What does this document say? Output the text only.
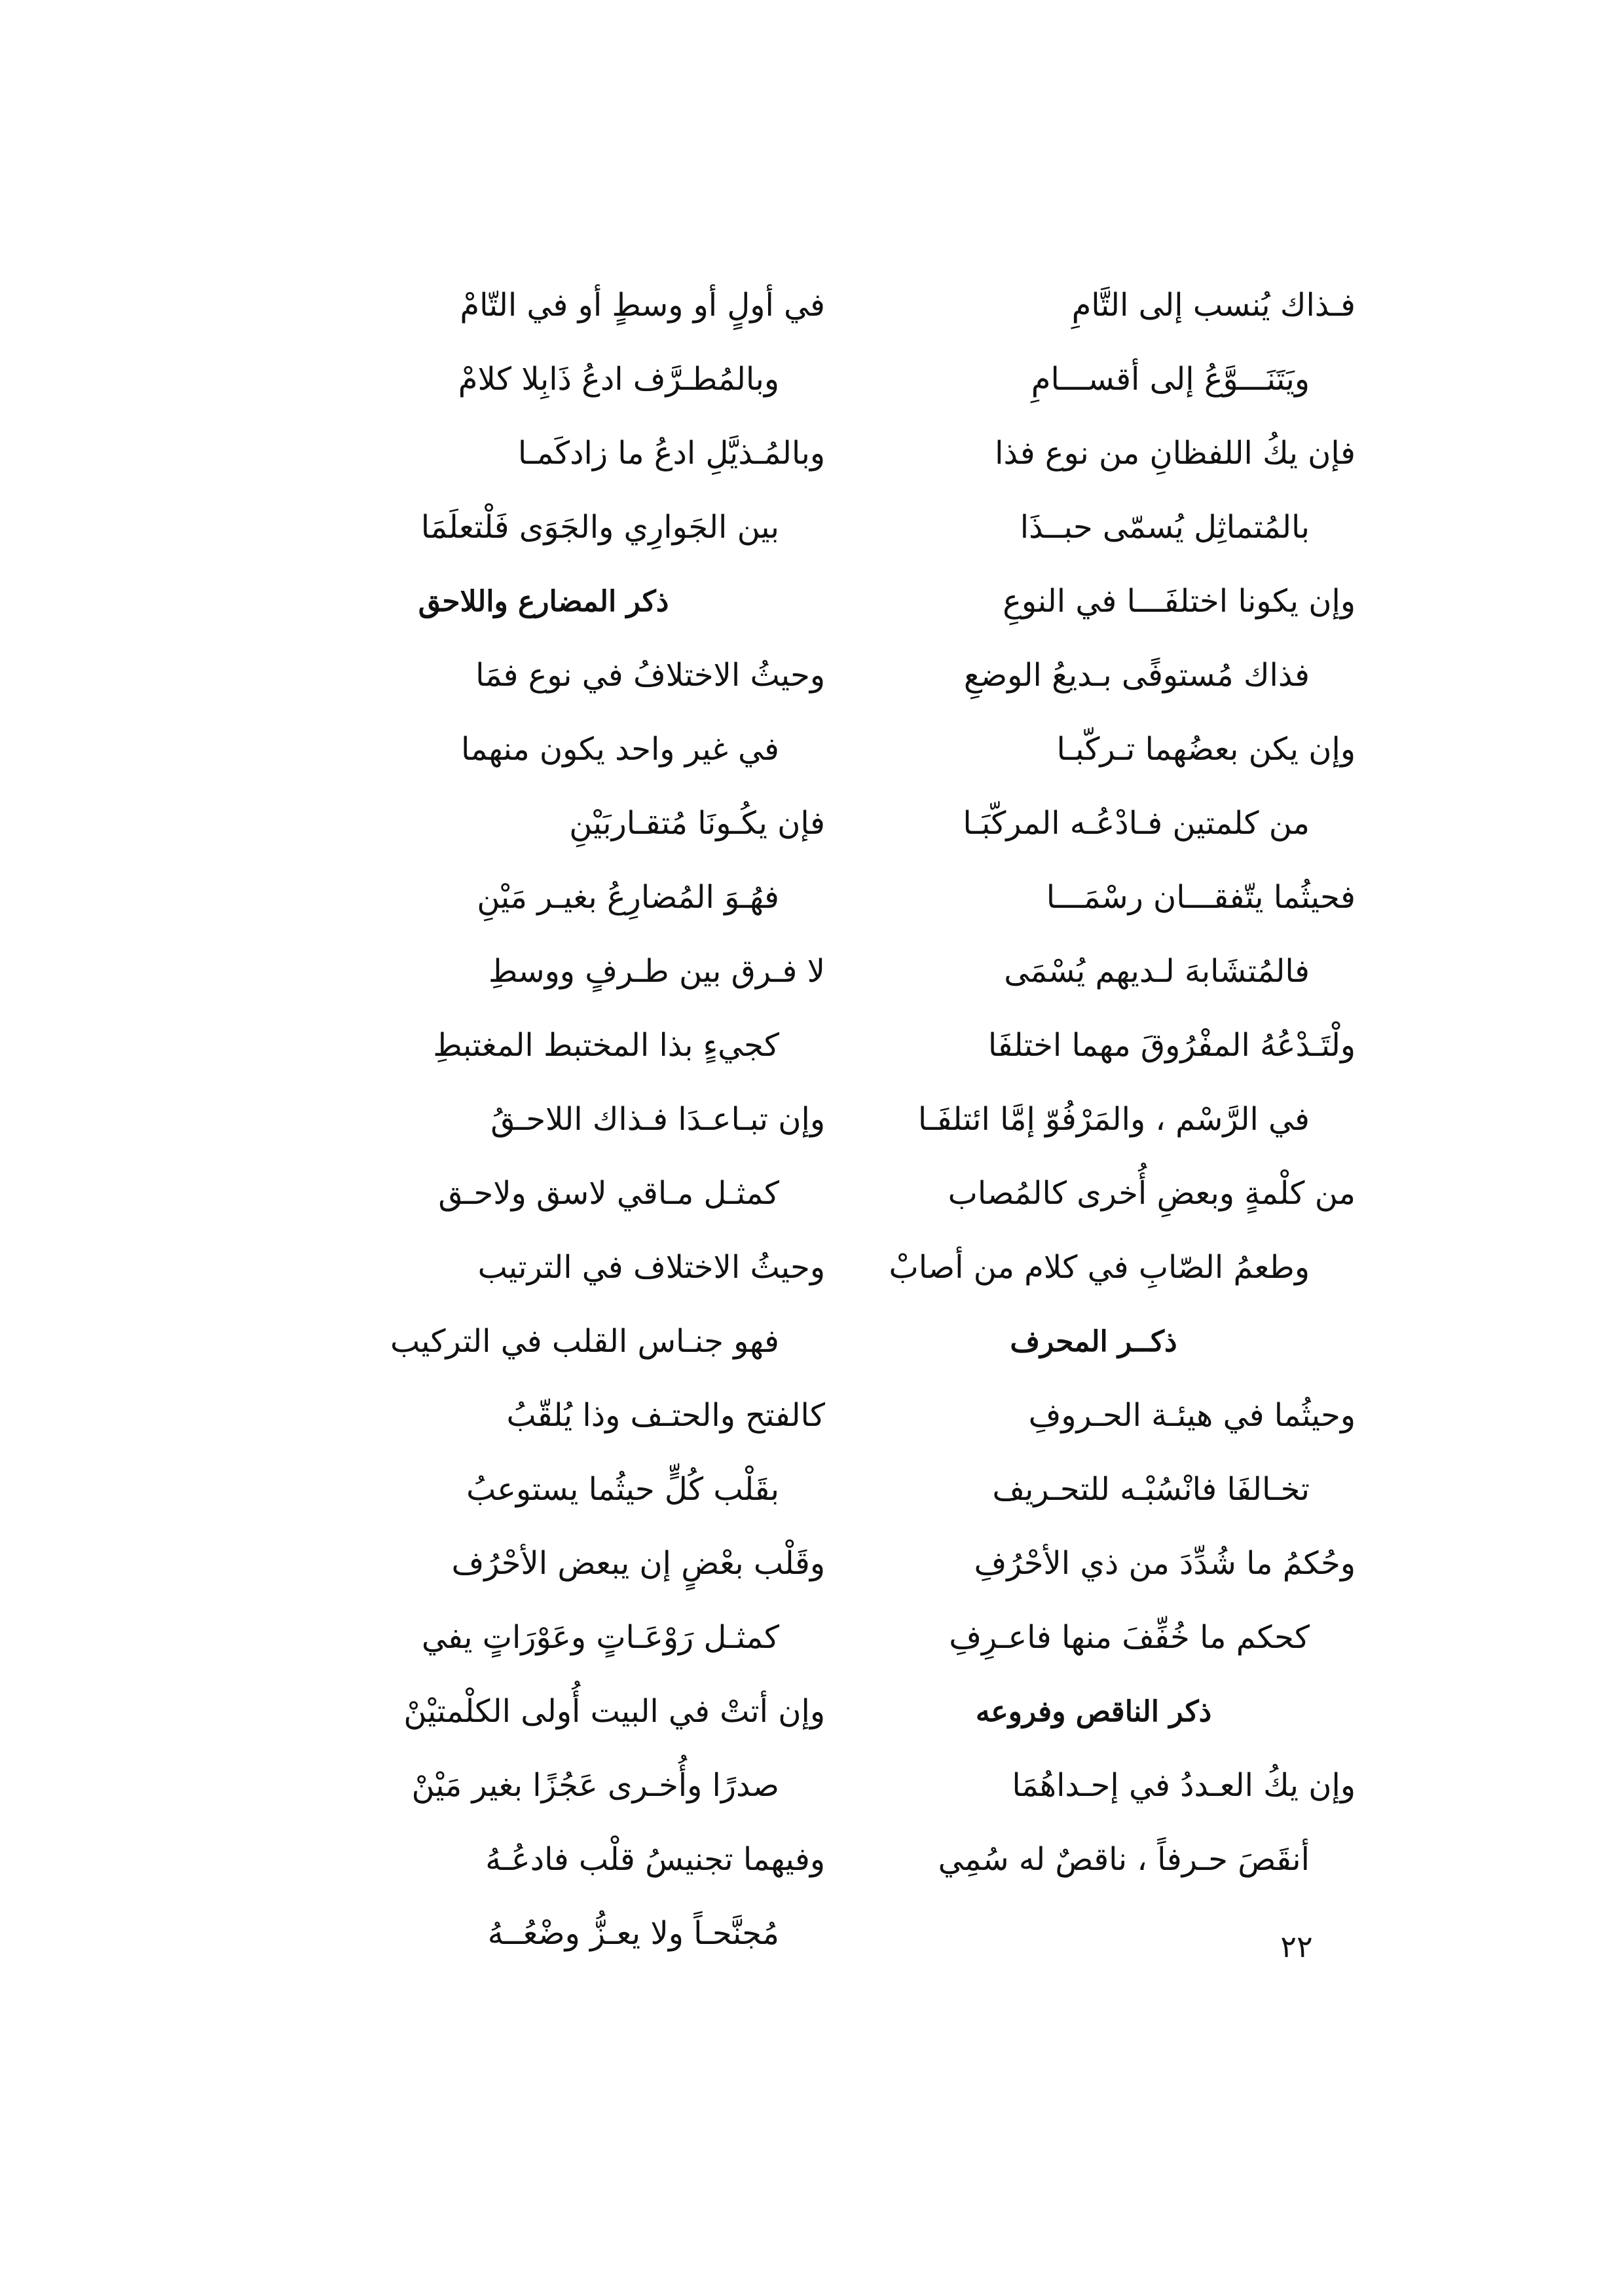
فـذاك يُنسب إلى التَّامِ
ويَتَنَـــوَّعُ إلى أقســـامِ
فإن يكُ اللفظانِ من نوع فذا
بالمُتماثِل يُسمّى حبــذَا
وإن يكونا اختلفَـــا في النوعِ
فذاك مُستوفًى بـديعُ الوضعِ
وإن يكن بعضُهما تـركّبـا
من كلمتين فـادْعُـه المركّبَـا
فحيثُما يتّفقـــان رسْمَـــا
فالمُتشَابهَ لـديهم يُسْمَى
ولْتَـدْعُهُ المفْرُوقَ مهما اختلفَا
في الرَّسْم ، والمَرْفُوّ إمَّا ائتلفَـا
من كلْمةٍ وبعضِ أُخرى كالمُصاب
وطعمُ الصّابِ في كلام من أصابْ
ذكــر المحرف
وحيثُما في هيئـة الحـروفِ
تخـالفَا فانْسُبْـه للتحـريف
وحُكمُ ما شُدِّدَ من ذي الأحْرُفِ
كحكم ما خُفِّفَ منها فاعـرِفِ
ذكر الناقص وفروعه
وإن يكُ العـددُ في إحـداهُمَا
أنقَصَ حـرفاً ، ناقصٌ له سُمِي
في أولٍ أو وسطٍ أو في التّامْ
وبالمُطـرَّف ادعُ ذَابِلا كلامْ
وبالمُـذيَّلِ ادعُ ما زادكَمـا
بين الجَوارِي والجَوَى فَلْتعلَمَا
ذكر المضارع واللاحق
وحيثُ الاختلافُ في نوع فمَا
في غير واحد يكون منهما
فإن يكُـونَا مُتقـاربَيْنِ
فهُـوَ المُضارِعُ بغيـر مَيْنِ
لا فـرق بين طـرفٍ ووسطِ
كجيءٍ بذا المختبط المغتبطِ
وإن تبـاعـدَا فـذاك اللاحـقُ
كمثـل مـاقي لاسق ولاحـق
وحيثُ الاختلاف في الترتيب
فهو جنـاس القلب في التركيب
كالفتح والحتـف وذا يُلقّبُ
بقَلْب كُلٍّ حيثُما يستوعبُ
وقَلْب بعْضٍ إن يبعض الأحْرُف
كمثـل رَوْعَـاتٍ وعَوْرَاتٍ يفي
وإن أتتْ في البيت أُولى الكلْمتيْنْ
صدرًا وأُخـرى عَجُزًا بغير مَيْنْ
وفيهما تجنيسُ قلْب فادعُـهُ
مُجنَّحـاً ولا يعـزُّ وضْعُــهُ	٢٢
